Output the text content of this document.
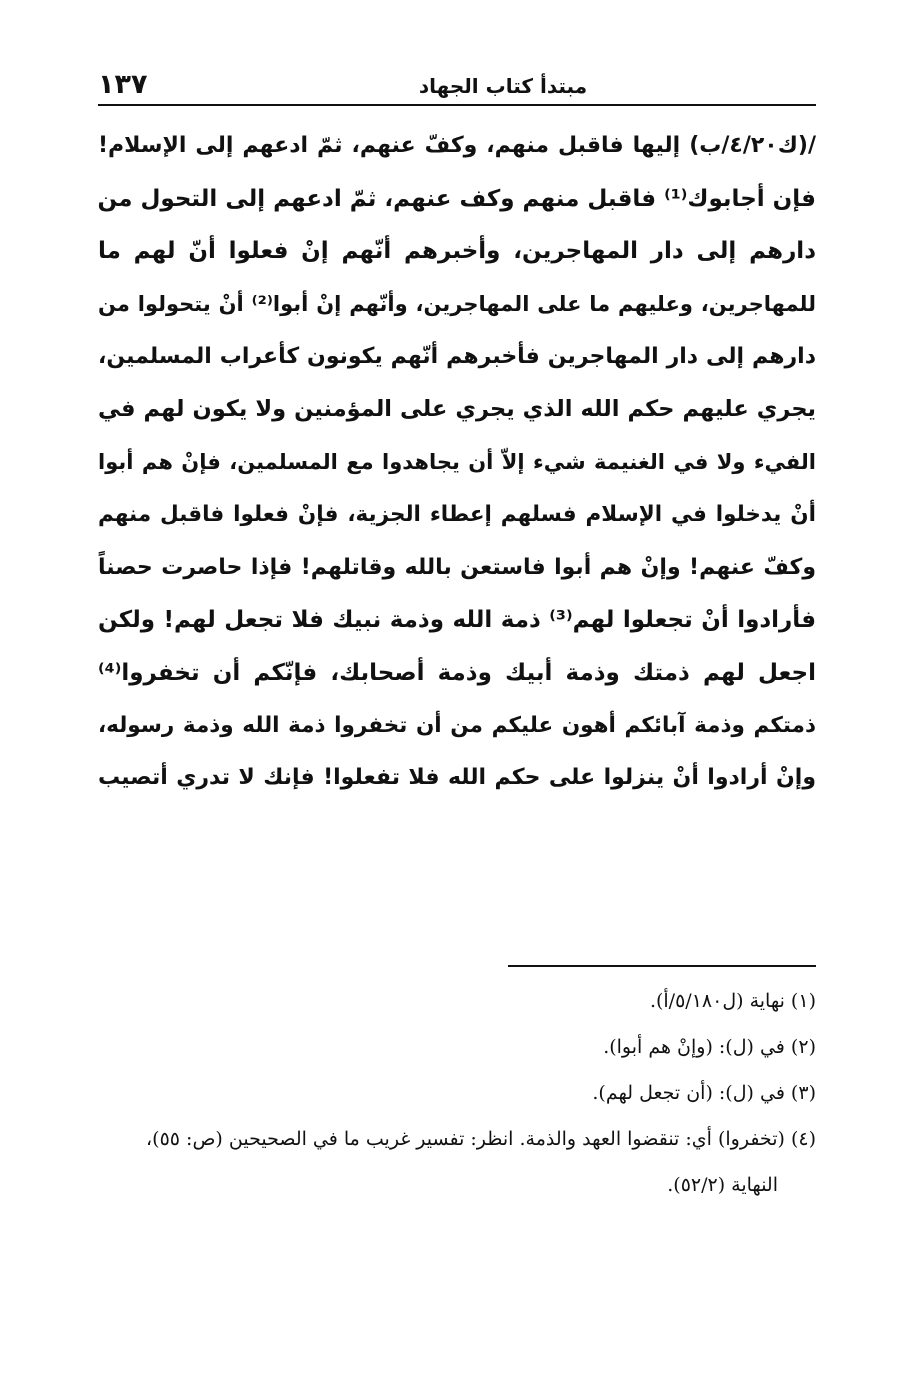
١٣٧	مبتدأ كتاب الجهاد
/(ك٤/٢٠/ب) إليها فاقبل منهم، وكفّ عنهم، ثمّ ادعهم إلى الإسلام!
فإن أجابوك⁽¹⁾ فاقبل منهم وكف عنهم، ثمّ ادعهم إلى التحول من
دارهم إلى دار المهاجرين، وأخبرهم أنّهم إنْ فعلوا أنّ لهم ما
للمهاجرين، وعليهم ما على المهاجرين، وأنّهم إنْ أبوا⁽²⁾ أنْ يتحولوا من
دارهم إلى دار المهاجرين فأخبرهم أنّهم يكونون كأعراب المسلمين،
يجري عليهم حكم الله الذي يجري على المؤمنين ولا يكون لهم في
الفيء ولا في الغنيمة شيء إلاّ أن يجاهدوا مع المسلمين، فإنْ هم أبوا
أنْ يدخلوا في الإسلام فسلهم إعطاء الجزية، فإنْ فعلوا فاقبل منهم
وكفّ عنهم! وإنْ هم أبوا فاستعن بالله وقاتلهم! فإذا حاصرت حصناً
فأرادوا أنْ تجعلوا لهم⁽³⁾ ذمة الله وذمة نبيك فلا تجعل لهم! ولكن
اجعل لهم ذمتك وذمة أبيك وذمة أصحابك، فإنّكم أن تخفروا⁽⁴⁾
ذمتكم وذمة آبائكم أهون عليكم من أن تخفروا ذمة الله وذمة رسوله،
وإنْ أرادوا أنْ ينزلوا على حكم الله فلا تفعلوا! فإنك لا تدري أتصيب
(١) نهاية (ل٥/١٨٠/أ).
(٢) في (ل): (وإنْ هم أبوا).
(٣) في (ل): (أن تجعل لهم).
(٤) (تخفروا) أي: تنقضوا العهد والذمة. انظر: تفسير غريب ما في الصحيحين (ص: ٥٥)،
النهاية (٥٢/٢).
